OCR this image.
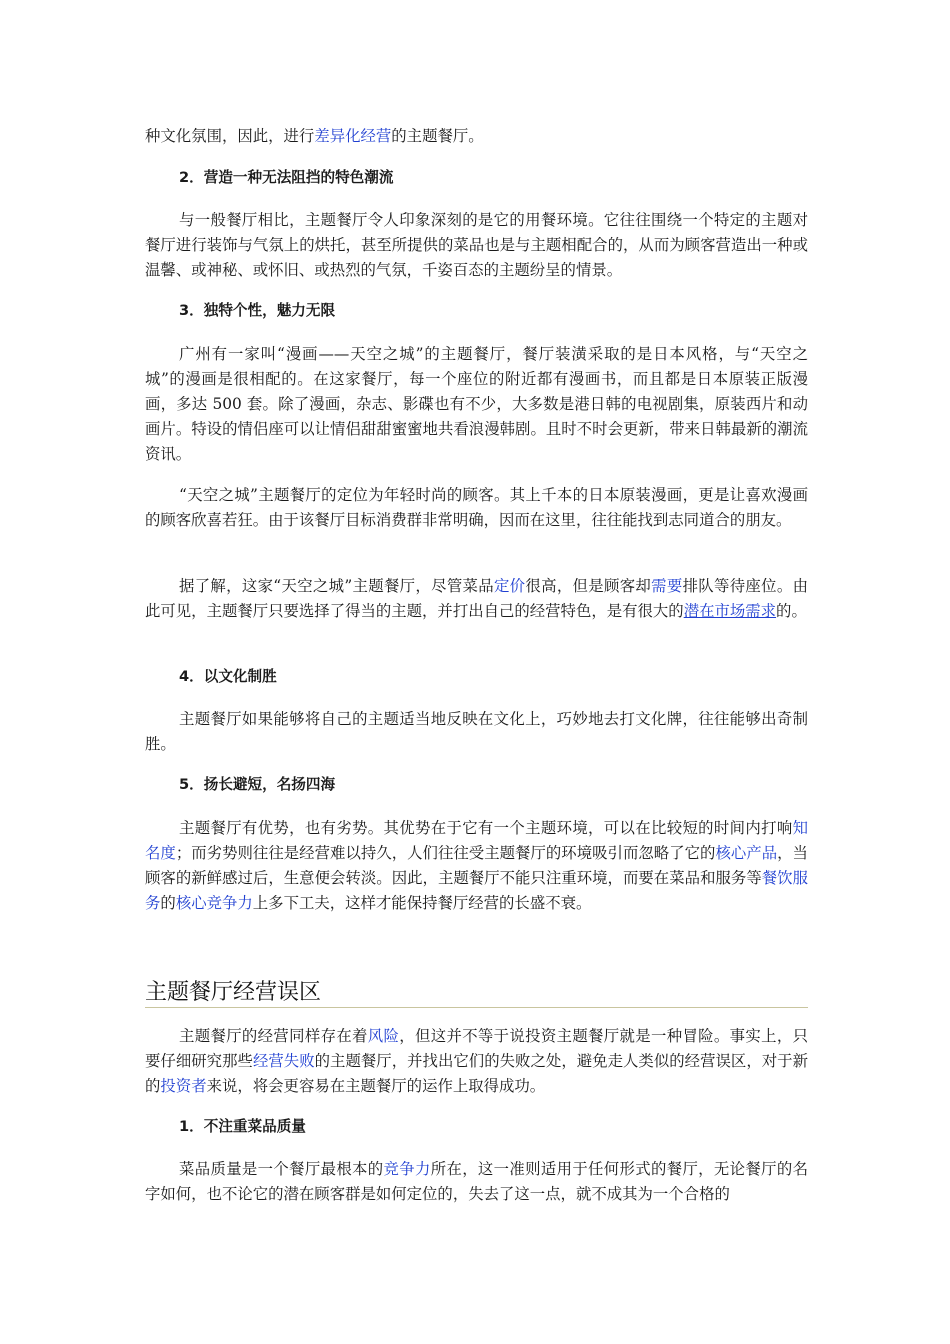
种文化氛围，因此，进行差异化经营的主题餐厅。

2．营造一种无法阻挡的特色潮流

与一般餐厅相比，主题餐厅令人印象深刻的是它的用餐环境。它往往围绕一个特定的主题对餐厅进行装饰与气氛上的烘托，甚至所提供的菜品也是与主题相配合的，从而为顾客营造出一种或温馨、或神秘、或怀旧、或热烈的气氛，千姿百态的主题纷呈的情景。

3．独特个性，魅力无限

广州有一家叫“漫画——天空之城”的主题餐厅，餐厅装潢采取的是日本风格，与“天空之城”的漫画是很相配的。在这家餐厅，每一个座位的附近都有漫画书，而且都是日本原装正版漫画，多达 500 套。除了漫画，杂志、影碟也有不少，大多数是港日韩的电视剧集，原装西片和动画片。特设的情侣座可以让情侣甜甜蜜蜜地共看浪漫韩剧。且时不时会更新，带来日韩最新的潮流资讯。

“天空之城”主题餐厅的定位为年轻时尚的顾客。其上千本的日本原装漫画，更是让喜欢漫画的顾客欣喜若狂。由于该餐厅目标消费群非常明确，因而在这里，往往能找到志同道合的朋友。

据了解，这家“天空之城”主题餐厅，尽管菜品定价很高，但是顾客却需要排队等待座位。由此可见，主题餐厅只要选择了得当的主题，并打出自己的经营特色，是有很大的潜在市场需求的。

4．以文化制胜

主题餐厅如果能够将自己的主题适当地反映在文化上，巧妙地去打文化牌，往往能够出奇制胜。

5．扬长避短，名扬四海

主题餐厅有优势，也有劣势。其优势在于它有一个主题环境，可以在比较短的时间内打响知名度；而劣势则往往是经营难以持久，人们往往受主题餐厅的环境吸引而忽略了它的核心产品，当顾客的新鲜感过后，生意便会转淡。因此，主题餐厅不能只注重环境，而要在菜品和服务等餐饮服务的核心竞争力上多下工夫，这样才能保持餐厅经营的长盛不衰。

主题餐厅经营误区

主题餐厅的经营同样存在着风险，但这并不等于说投资主题餐厅就是一种冒险。事实上，只要仔细研究那些经营失败的主题餐厅，并找出它们的失败之处，避免走人类似的经营误区，对于新的投资者来说，将会更容易在主题餐厅的运作上取得成功。

1．不注重菜品质量

菜品质量是一个餐厅最根本的竞争力所在，这一准则适用于任何形式的餐厅，无论餐厅的名字如何，也不论它的潜在顾客群是如何定位的，失去了这一点，就不成其为一个合格的
